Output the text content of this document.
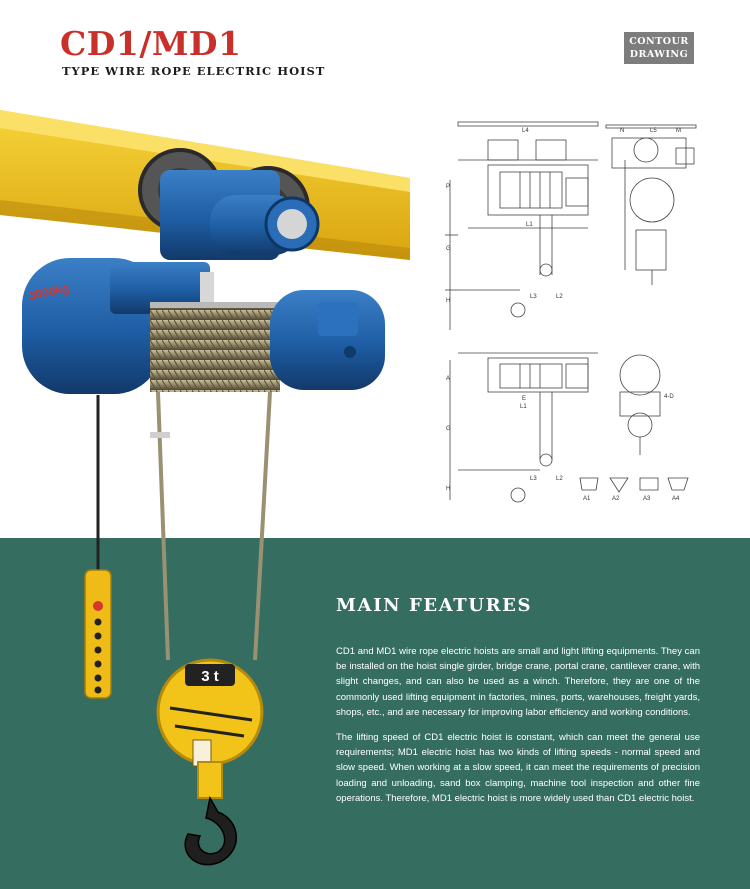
CD1/MD1
TYPE WIRE ROPE ELECTRIC HOIST
CONTOUR
DRAWING
3000kg
3 t
L4	N	L5	M
P
L1
G
H
L3	L2
A
E
L1
G
H
L3	L2
4-D
A1	A2	A3	A4
MAIN FEATURES

CD1 and MD1 wire rope electric hoists are small and light lifting equipments. They can be installed on the hoist single girder, bridge crane, portal crane, cantilever crane, with slight changes, and can also be used as a winch. Therefore, they are one of the commonly used lifting equipment in factories, mines, ports, warehouses, freight yards, shops, etc., and are necessary for improving labor efficiency and working conditions.

The lifting speed of CD1 electric hoist is constant, which can meet the general use requirements; MD1 electric hoist has two kinds of lifting speeds - normal speed and slow speed. When working at a slow speed, it can meet the requirements of precision loading and unloading, sand box clamping, machine tool inspection and other fine operations. Therefore, MD1 electric hoist is more widely used than CD1 electric hoist.
